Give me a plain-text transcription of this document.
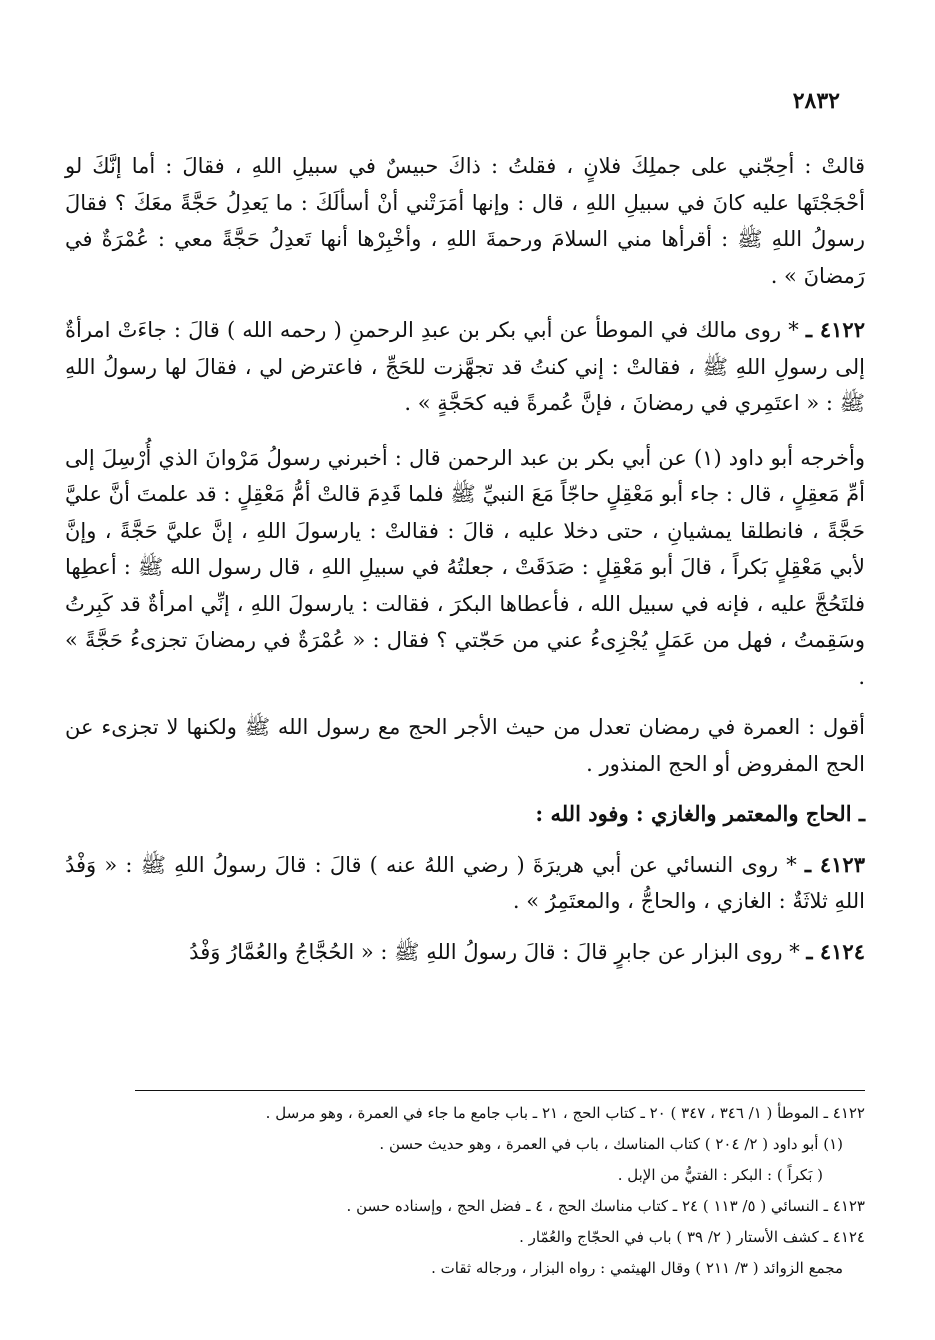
٢٨٣٢

قالتْ : أحِجّني على جملِكَ فلانٍ ، فقلتُ : ذاكَ حبيسٌ في سبيلِ اللهِ ، فقالَ : أما إنَّكَ لو أحْجَجْتَها عليه كانَ في سبيلِ اللهِ ، قال : وإنها أمَرَتْني أنْ أسألَكَ : ما يَعدِلُ حَجَّةً معَكَ ؟ فقالَ رسولُ اللهِ ﷺ : أقرأها مني السلامَ ورحمةَ اللهِ ، وأخْبِرْها أنها تَعدِلُ حَجَّةً معي : عُمْرَةٌ في رَمضانَ » .

٤١٢٢ ـ * روى مالك في الموطأ عن أبي بكر بن عبدِ الرحمنِ ( رحمه الله ) قالَ : جاءَتْ امرأةٌ إلى رسولِ اللهِ ﷺ ، فقالتْ : إني كنتُ قد تجهَّزت للحَجِّ ، فاعترض لي ، فقالَ لها رسولُ اللهِ ﷺ : « اعتَمِري في رمضانَ ، فإنَّ عُمرةً فيه كحَجَّةٍ » .

وأخرجه أبو داود (١) عن أبي بكر بن عبد الرحمن قال : أخبرني رسولُ مَرْوانَ الذي أُرْسِلَ إلى أمِّ مَعقِلٍ ، قال : جاء أبو مَعْقِلٍ حاجّاً مَعَ النبيِّ ﷺ فلما قَدِمَ قالتْ أمُّ مَعْقِلٍ : قد علمتَ أنَّ عليَّ حَجَّةً ، فانطلقا يمشيانِ ، حتى دخلا عليه ، قالَ : فقالتْ : يارسولَ اللهِ ، إنَّ عليَّ حَجَّةً ، وإنَّ لأبي مَعْقِلٍ بَكراً ، قالَ أبو مَعْقِلٍ : صَدَقَتْ ، جعلتُهُ في سبيلِ اللهِ ، قال رسول الله ﷺ : أعطِها فلتَحُجَّ عليه ، فإنه في سبيل الله ، فأعطاها البكرَ ، فقالت : يارسولَ اللهِ ، إنِّي امرأةٌ قد كَبِرتُ وسَقِمتُ ، فهل من عَمَلٍ يُجْزِىءُ عني من حَجّتي ؟ فقال : « عُمْرَةٌ في رمضانَ تجزىءُ حَجَّةً » .

أقول : العمرة في رمضان تعدل من حيث الأجر الحج مع رسول الله ﷺ ولكنها لا تجزىء عن الحج المفروض أو الحج المنذور .

ـ الحاج والمعتمر والغازي : وفود الله :

٤١٢٣ ـ * روى النسائي عن أبي هريرَةَ ( رضي اللهُ عنه ) قالَ : قالَ رسولُ اللهِ ﷺ : « وَفْدُ اللهِ ثلاثَةٌ : الغازي ، والحاجُّ ، والمعتَمِرُ » .

٤١٢٤ ـ * روى البزار عن جابرٍ قالَ : قالَ رسولُ اللهِ ﷺ : « الحُجَّاجُ والعُمَّارُ وَفْدُ

٤١٢٢ ـ الموطأ ( ١/ ٣٤٦ ، ٣٤٧ ) ٢٠ ـ كتاب الحج ، ٢١ ـ باب جامع ما جاء في العمرة ، وهو مرسل .

(١) أبو داود ( ٢/ ٢٠٤ ) كتاب المناسك ، باب في العمرة ، وهو حديث حسن .

( بَكراً ) : البكر : الفتيُّ من الإبل .

٤١٢٣ ـ النسائي ( ٥/ ١١٣ ) ٢٤ ـ كتاب مناسك الحج ، ٤ ـ فضل الحج ، وإسناده حسن .

٤١٢٤ ـ كشف الأستار ( ٢/ ٣٩ ) باب في الحجّاج والعُمّار .

مجمع الزوائد ( ٣/ ٢١١ ) وقال الهيثمي : رواه البزار ، ورجاله ثقات .
